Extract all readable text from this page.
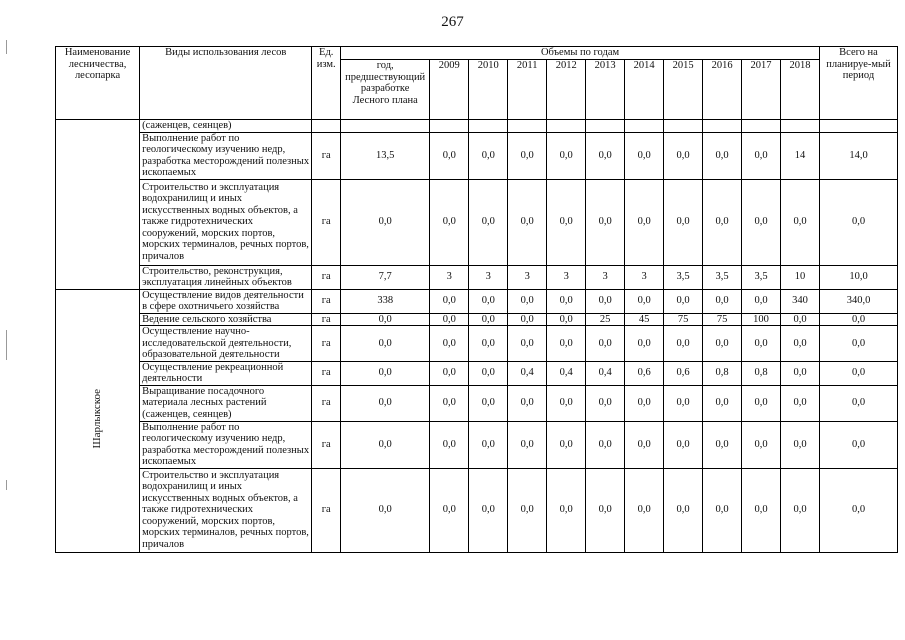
267
Наименование лесничества, лесопарка	Виды использования лесов	Ед. изм.	Объемы по годам											Всего на планируе-мый период
			год, предшествующий разработке Лесного плана	2009	2010	2011	2012	2013	2014	2015	2016	2017	2018	
	(саженцев, сеянцев)													
	Выполнение работ по геологическому изучению недр, разработка месторождений полезных ископаемых	га	13,5	0,0	0,0	0,0	0,0	0,0	0,0	0,0	0,0	0,0	14	14,0
	Строительство и эксплуатация водохранилищ и иных искусственных водных объектов, а также гидротехнических сооружений, морских портов, морских терминалов, речных портов, причалов	га	0,0	0,0	0,0	0,0	0,0	0,0	0,0	0,0	0,0	0,0	0,0	0,0
	Строительство, реконструкция, эксплуатация линейных объектов	га	7,7	3	3	3	3	3	3	3,5	3,5	3,5	10	10,0
Шарлыкское	Осуществление видов деятельности в сфере охотничьего хозяйства	га	338	0,0	0,0	0,0	0,0	0,0	0,0	0,0	0,0	0,0	340	340,0
	Ведение сельского хозяйства	га	0,0	0,0	0,0	0,0	0,0	25	45	75	75	100	0,0	0,0
	Осуществление научно-исследовательской деятельности, образовательной деятельности	га	0,0	0,0	0,0	0,0	0,0	0,0	0,0	0,0	0,0	0,0	0,0	0,0
	Осуществление рекреационной деятельности	га	0,0	0,0	0,0	0,4	0,4	0,4	0,6	0,6	0,8	0,8	0,0	0,0
	Выращивание посадочного материала лесных растений (саженцев, сеянцев)	га	0,0	0,0	0,0	0,0	0,0	0,0	0,0	0,0	0,0	0,0	0,0	0,0
	Выполнение работ по геологическому изучению недр, разработка месторождений полезных ископаемых	га	0,0	0,0	0,0	0,0	0,0	0,0	0,0	0,0	0,0	0,0	0,0	0,0
	Строительство и эксплуатация водохранилищ и иных искусственных водных объектов, а также гидротехнических сооружений, морских портов, морских терминалов, речных портов, причалов	га	0,0	0,0	0,0	0,0	0,0	0,0	0,0	0,0	0,0	0,0	0,0	0,0
